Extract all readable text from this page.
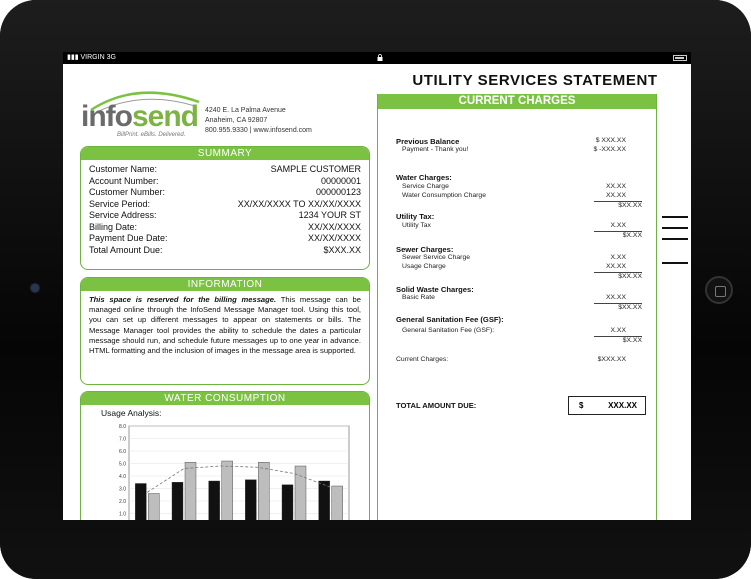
▮▮▮ VIRGIN 3G
infosend
BillPrint. eBills. Delivered.
4240 E. La Palma Avenue
Anaheim, CA 92807
800.955.9330 | www.infosend.com
SUMMARY
Customer Name:	SAMPLE CUSTOMER
Account Number:	00000001
Customer Number:	000000123
Service Period:	XX/XX/XXXX TO XX/XX/XXXX
Service Address:	1234 YOUR ST
Billing Date:	XX/XX/XXXX
Payment Due Date:	XX/XX/XXXX
Total Amount Due:	$XXX.XX
INFORMATION
This space is reserved for the billing message. This message can be managed online through the InfoSend Message Manager tool. Using this tool, you can set up different messages to appear on statements or bills. The Message Manager tool provides the ability to schedule the dates a particular message should run, and schedule future messages up to one year in advance. HTML formatting and the inclusion of images in the message area is supported.
WATER CONSUMPTION
Usage Analysis:
1.0
2.0
3.0
4.0
5.0
6.0
7.0
8.0
UTILITY SERVICES STATEMENT
CURRENT CHARGES
Previous Balance	$ XXX.XX
Payment - Thank you!	$ -XXX.XX
Water Charges:
Service Charge	XX.XX
Water Consumption Charge	XX.XX
$XX.XX
Utility Tax:
Utility Tax	X.XX
$X.XX
Sewer Charges:
Sewer Service Charge	X.XX
Usage Charge	XX.XX
$XX.XX
Solid Waste Charges:
Basic Rate	XX.XX
$XX.XX
General Sanitation Fee (GSF):
General Sanitation Fee (GSF):	X.XX
$X.XX
Current Charges:	$XXX.XX
TOTAL AMOUNT DUE:	$	XXX.XX
